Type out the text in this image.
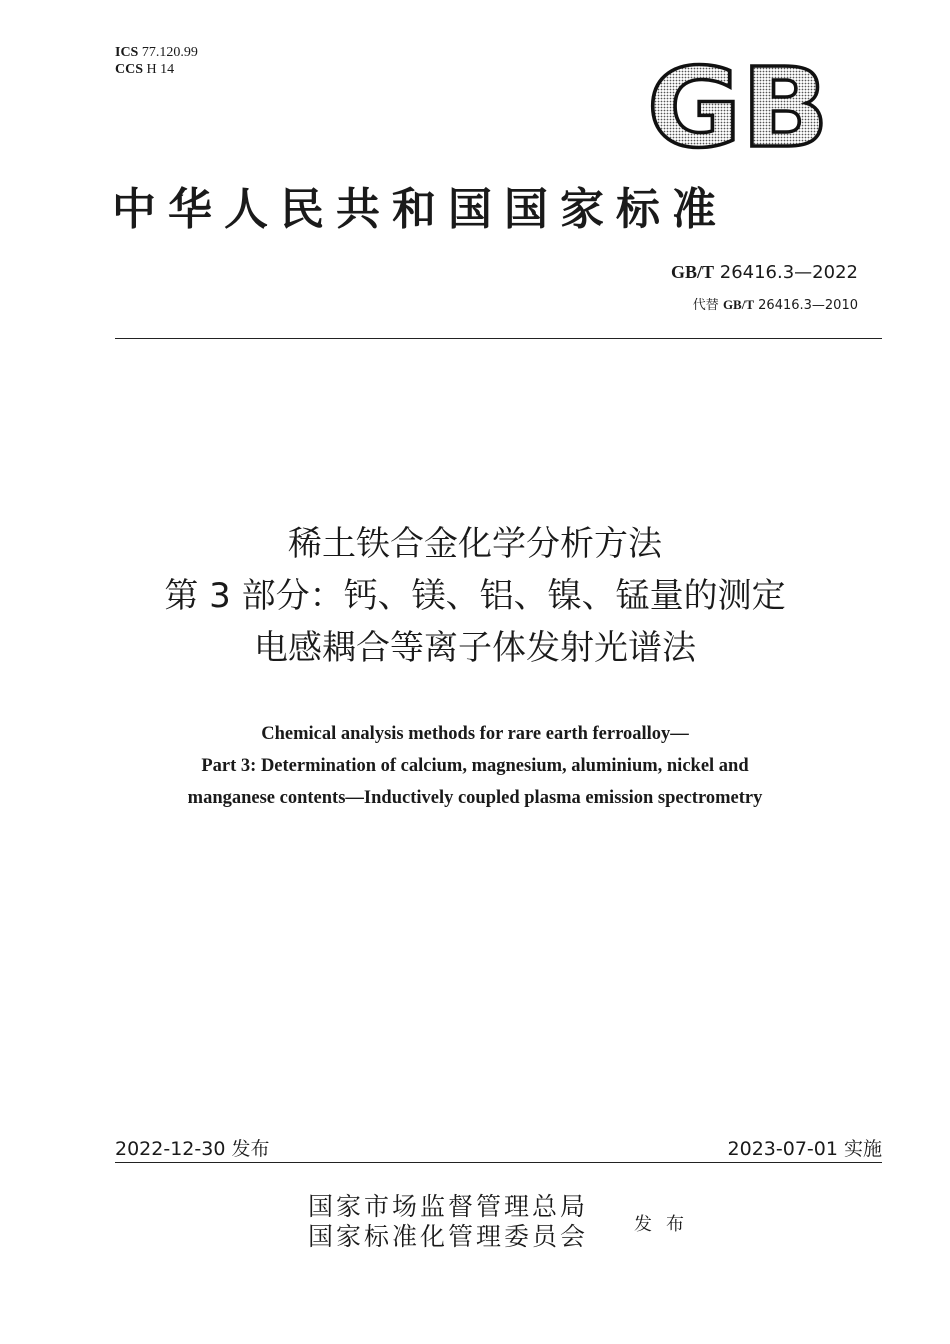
ICS 77.120.99
CCS H 14	GB
中华人民共和国国家标准
GB/T 26416.3—2022
代替 GB/T 26416.3—2010
稀土铁合金化学分析方法
第 3 部分：钙、镁、铝、镍、锰量的测定
电感耦合等离子体发射光谱法
Chemical analysis methods for rare earth ferroalloy—
Part 3: Determination of calcium, magnesium, aluminium, nickel and
manganese contents—Inductively coupled plasma emission spectrometry
2022-12-30 发布	2023-07-01 实施
国家市场监督管理总局
国家标准化管理委员会	发布
